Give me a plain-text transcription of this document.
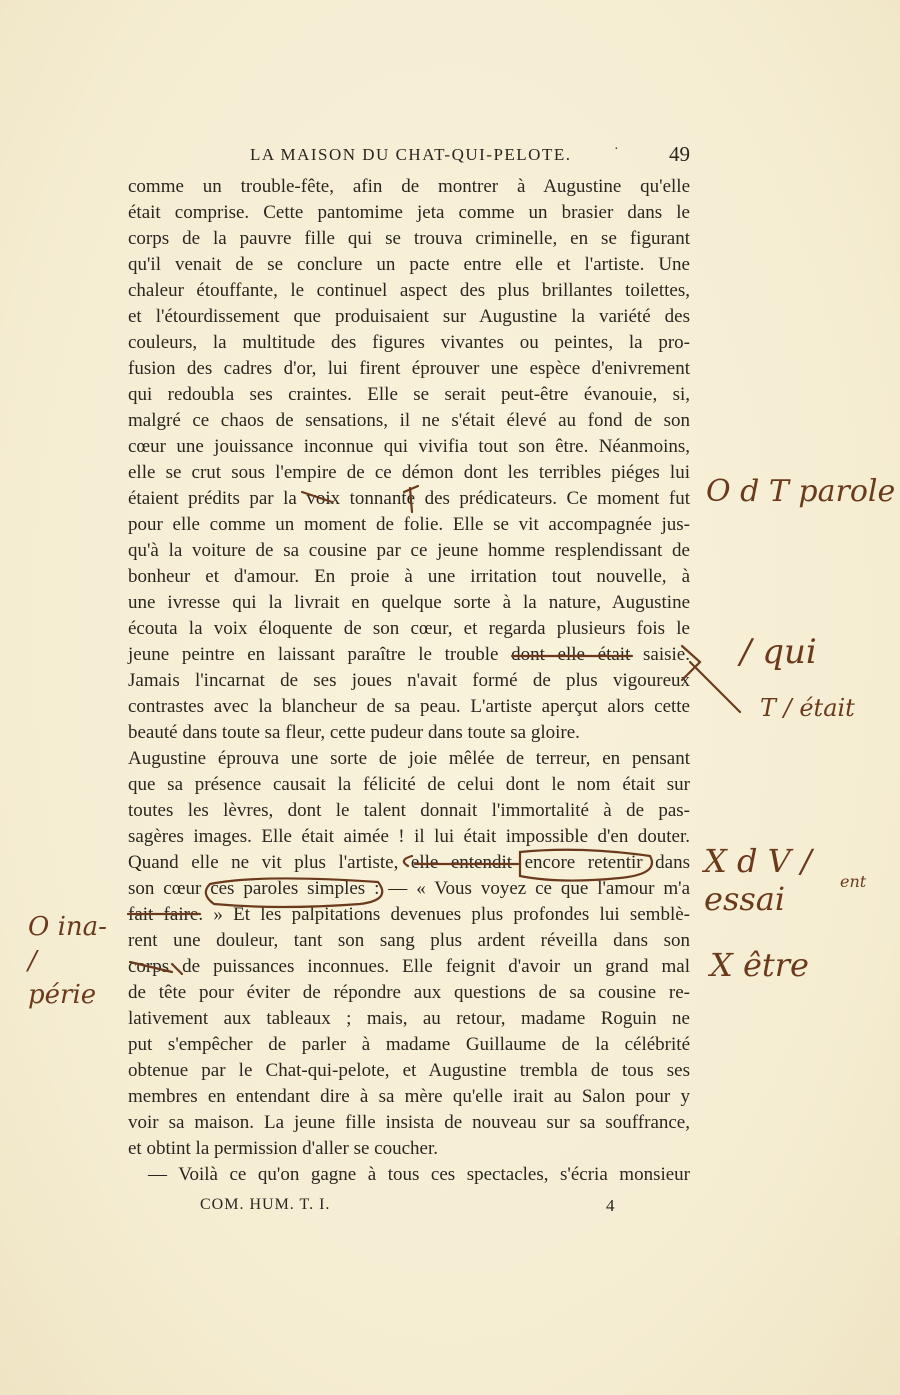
LA MAISON DU CHAT-QUI-PELOTE.	· 49
comme un trouble-fête, afin de montrer à Augustine qu'elle
était comprise. Cette pantomime jeta comme un brasier dans le
corps de la pauvre fille qui se trouva criminelle, en se figurant
qu'il venait de se conclure un pacte entre elle et l'artiste. Une
chaleur étouffante, le continuel aspect des plus brillantes toilettes,
et l'étourdissement que produisaient sur Augustine la variété des
couleurs, la multitude des figures vivantes ou peintes, la pro-
fusion des cadres d'or, lui firent éprouver une espèce d'enivrement
qui redoubla ses craintes. Elle se serait peut-être évanouie, si,
malgré ce chaos de sensations, il ne s'était élevé au fond de son
cœur une jouissance inconnue qui vivifia tout son être. Néanmoins,
elle se crut sous l'empire de ce démon dont les terribles piéges lui
étaient prédits par la voix tonnante des prédicateurs. Ce moment fut
pour elle comme un moment de folie. Elle se vit accompagnée jus-
qu'à la voiture de sa cousine par ce jeune homme resplendissant de
bonheur et d'amour. En proie à une irritation tout nouvelle, à
une ivresse qui la livrait en quelque sorte à la nature, Augustine
écouta la voix éloquente de son cœur, et regarda plusieurs fois le
jeune peintre en laissant paraître le trouble dont elle était saisie.
Jamais l'incarnat de ses joues n'avait formé de plus vigoureux
contrastes avec la blancheur de sa peau. L'artiste aperçut alors cette
beauté dans toute sa fleur, cette pudeur dans toute sa gloire.
Augustine éprouva une sorte de joie mêlée de terreur, en pensant
que sa présence causait la félicité de celui dont le nom était sur
toutes les lèvres, dont le talent donnait l'immortalité à de pas-
sagères images. Elle était aimée ! il lui était impossible d'en douter.
Quand elle ne vit plus l'artiste, elle entendit encore retentir dans
son cœur ces paroles simples : — « Vous voyez ce que l'amour m'a
fait faire. » Et les palpitations devenues plus profondes lui semblè-
rent une douleur, tant son sang plus ardent réveilla dans son
corps de puissances inconnues. Elle feignit d'avoir un grand mal
de tête pour éviter de répondre aux questions de sa cousine re-
lativement aux tableaux ; mais, au retour, madame Roguin ne
put s'empêcher de parler à madame Guillaume de la célébrité
obtenue par le Chat-qui-pelote, et Augustine trembla de tous ses
membres en entendant dire à sa mère qu'elle irait au Salon pour y
voir sa maison. La jeune fille insista de nouveau sur sa souffrance,
et obtint la permission d'aller se coucher.
— Voilà ce qu'on gagne à tous ces spectacles, s'écria monsieur
COM. HUM. T. I.	4
O d T parole
/ qui
T / était
X d V / essai	ent
X être
O ina- / périe
